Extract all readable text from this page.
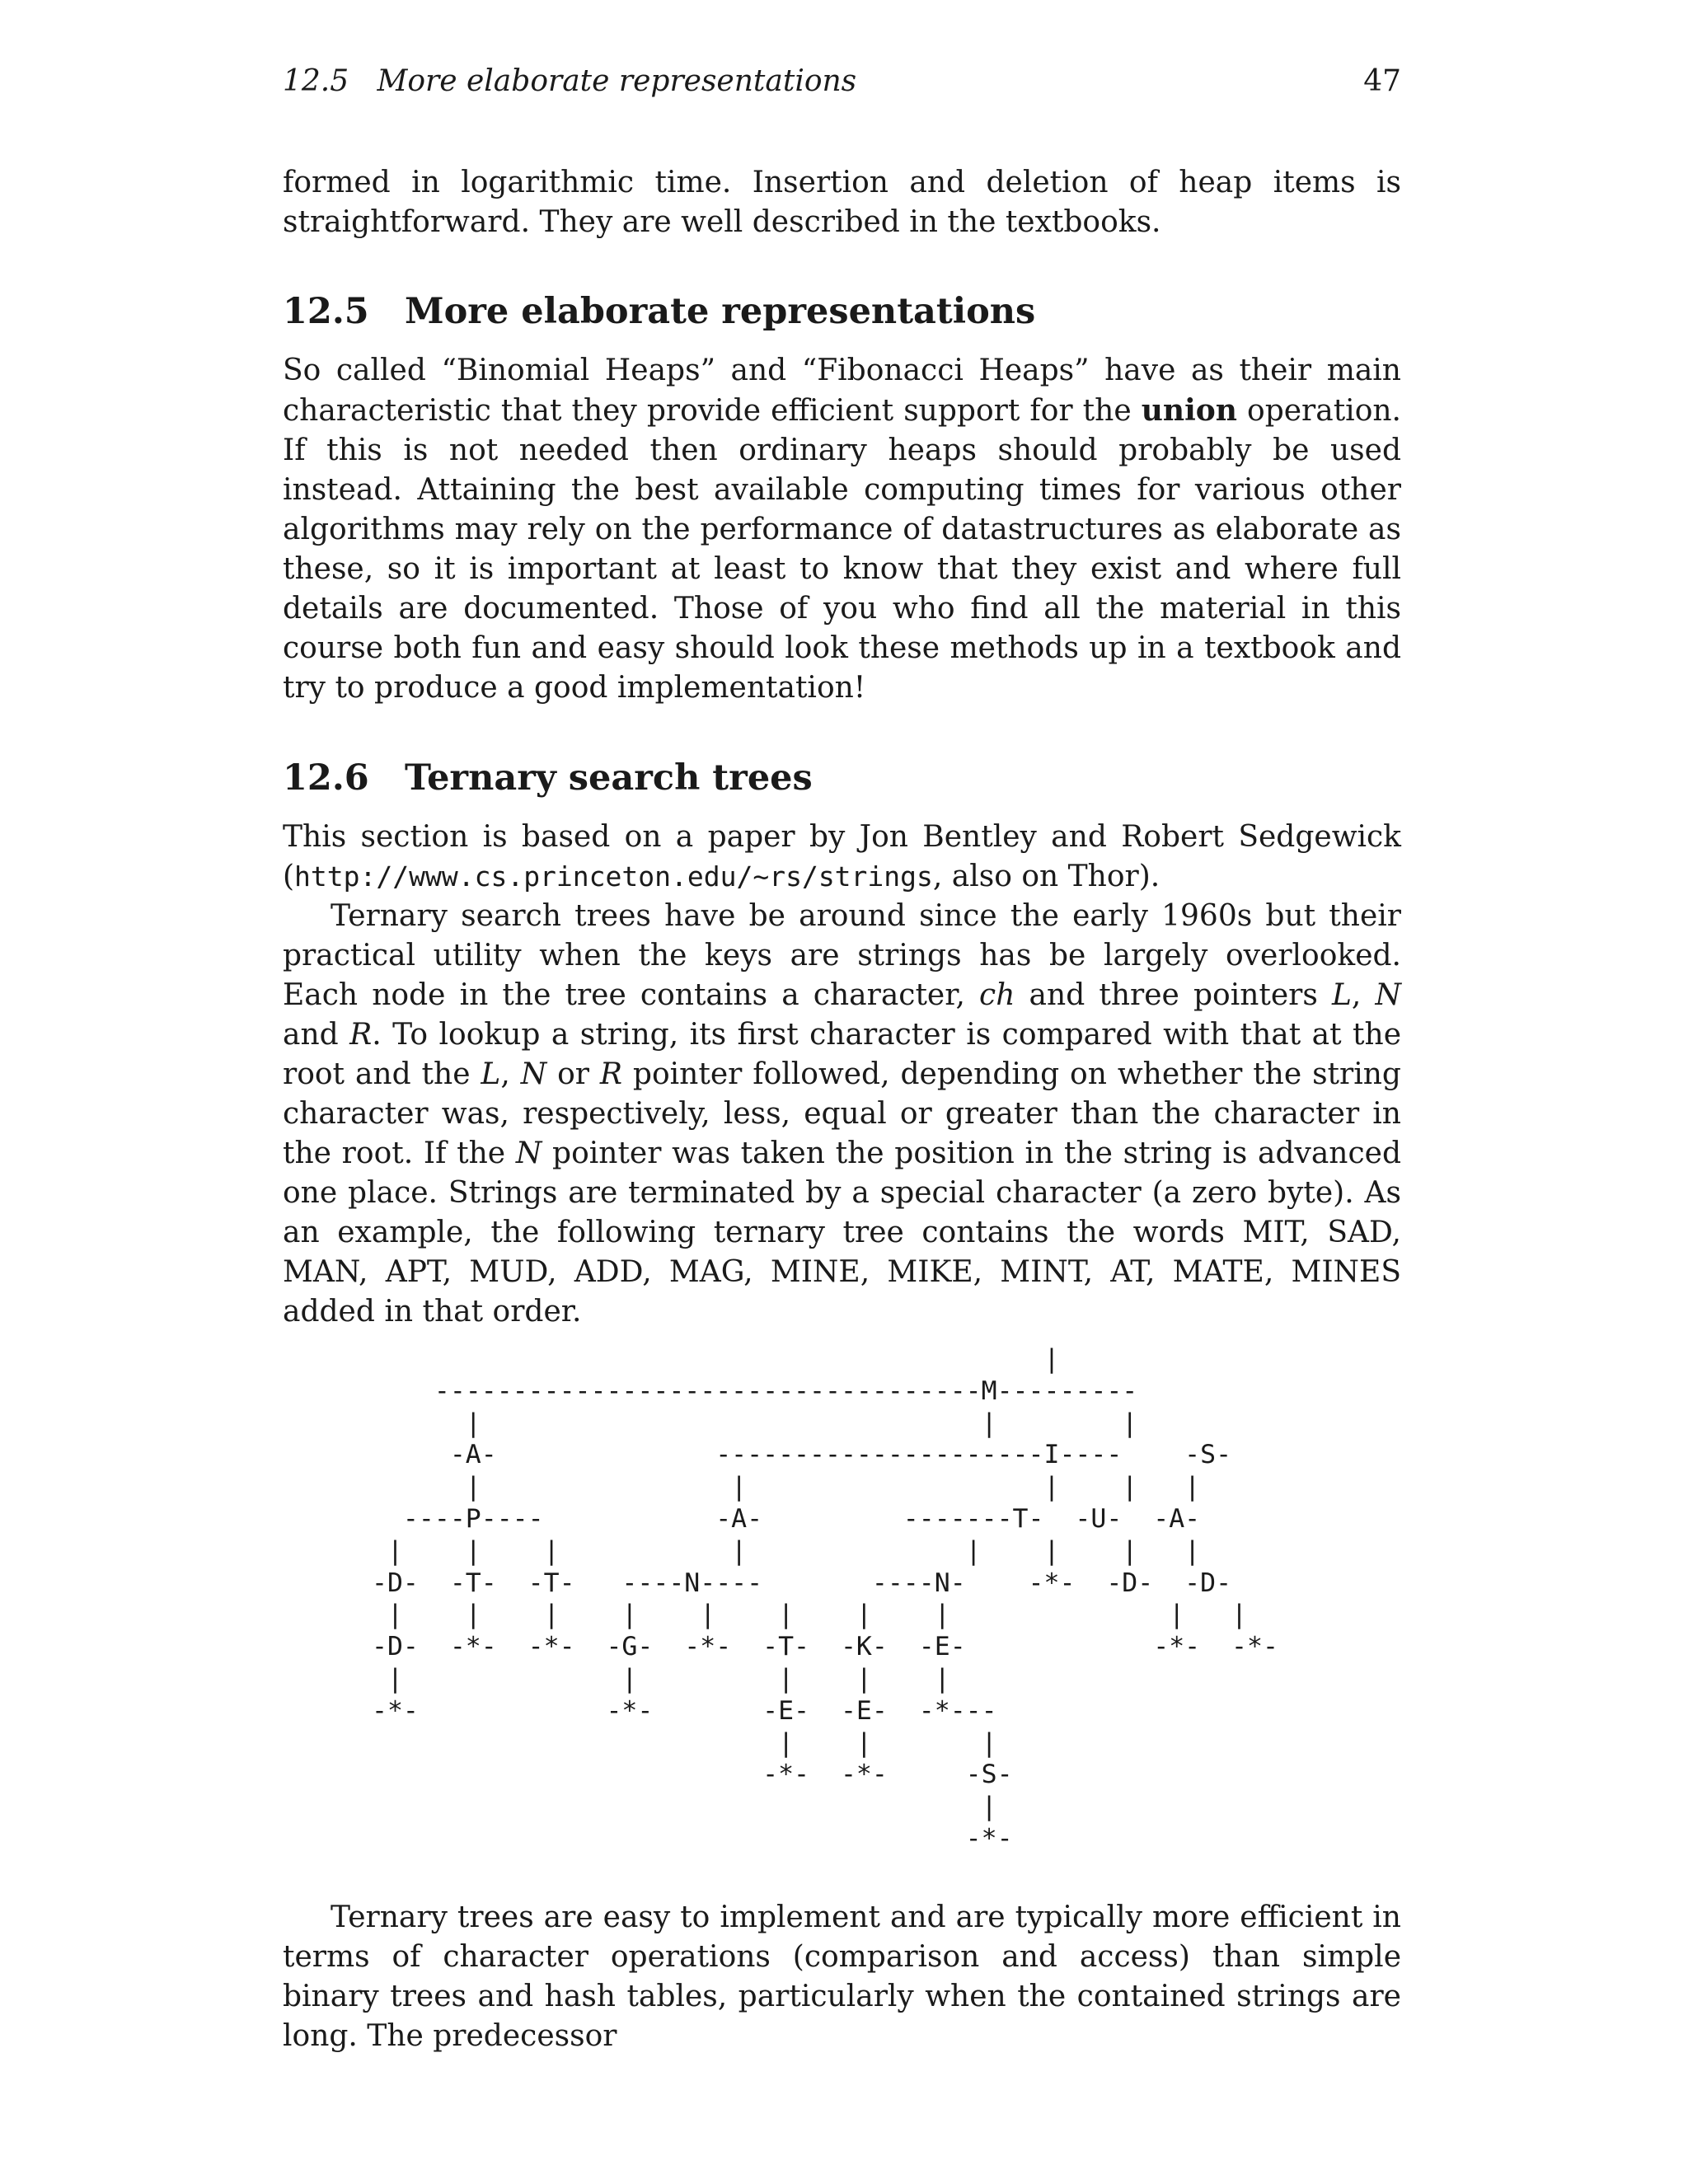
12.5 More elaborate representations	47

formed in logarithmic time. Insertion and deletion of heap items is straightforward. They are well described in the textbooks.

12.5 More elaborate representations

So called “Binomial Heaps” and “Fibonacci Heaps” have as their main characteristic that they provide efficient support for the union operation. If this is not needed then ordinary heaps should probably be used instead. Attaining the best available computing times for various other algorithms may rely on the performance of datastructures as elaborate as these, so it is important at least to know that they exist and where full details are documented. Those of you who find all the material in this course both fun and easy should look these methods up in a textbook and try to produce a good implementation!

12.6 Ternary search trees

This section is based on a paper by Jon Bentley and Robert Sedgewick (http://www.cs.princeton.edu/~rs/strings, also on Thor).

Ternary search trees have be around since the early 1960s but their practical utility when the keys are strings has be largely overlooked. Each node in the tree contains a character, ch and three pointers L, N and R. To lookup a string, its first character is compared with that at the root and the L, N or R pointer followed, depending on whether the string character was, respectively, less, equal or greater than the character in the root. If the N pointer was taken the position in the string is advanced one place. Strings are terminated by a special character (a zero byte). As an example, the following ternary tree contains the words MIT, SAD, MAN, APT, MUD, ADD, MAG, MINE, MIKE, MINT, AT, MATE, MINES added in that order.

|
-----------------------------------M---------
|                                |        |
-A-              ---------------------I----    -S-
|                |                   |    |   |
----P----           -A-         -------T-  -U-  -A-
|    |    |           |              |    |    |   |
-D-  -T-  -T-   ----N----       ----N-    -*-  -D-  -D-
|    |    |    |    |    |    |    |              |   |
-D-  -*-  -*-  -G-  -*-  -T-  -K-  -E-            -*-  -*-
|              |         |    |    |
-*-            -*-       -E-  -E-  -*---
|    |       |
-*-  -*-     -S-
|
-*-

Ternary trees are easy to implement and are typically more efficient in terms of character operations (comparison and access) than simple binary trees and hash tables, particularly when the contained strings are long. The predecessor
